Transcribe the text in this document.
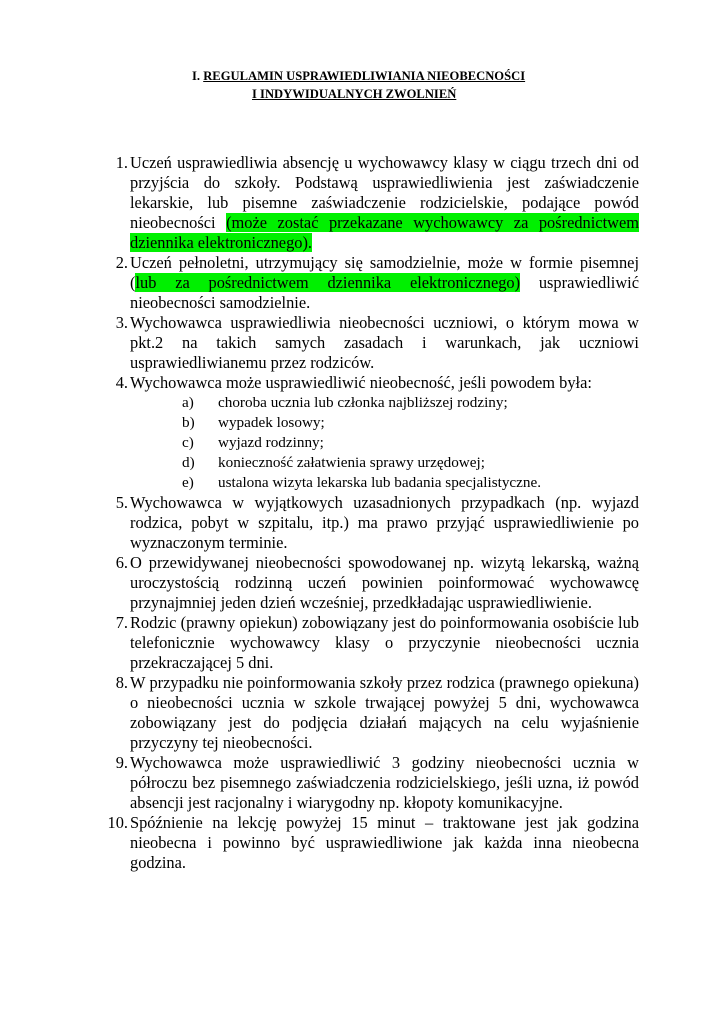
I. REGULAMIN USPRAWIEDLIWIANIA NIEOBECNOŚCI
I INDYWIDUALNYCH ZWOLNIEŃ
1. Uczeń usprawiedliwia absencję u wychowawcy klasy w ciągu trzech dni od przyjścia do szkoły. Podstawą usprawiedliwienia jest zaświadczenie lekarskie, lub pisemne zaświadczenie rodzicielskie, podające powód nieobecności (może zostać przekazane wychowawcy za pośrednictwem dziennika elektronicznego).
2. Uczeń pełnoletni, utrzymujący się samodzielnie, może w formie pisemnej (lub za pośrednictwem dziennika elektronicznego) usprawiedliwić nieobecności samodzielnie.
3. Wychowawca usprawiedliwia nieobecności uczniowi, o którym mowa w pkt.2 na takich samych zasadach i warunkach, jak uczniowi usprawiedliwianemu przez rodziców.
4. Wychowawca może usprawiedliwić nieobecność, jeśli powodem była:
a) choroba ucznia lub członka najbliższej rodziny;
b) wypadek losowy;
c) wyjazd rodzinny;
d) konieczność załatwienia sprawy urzędowej;
e) ustalona wizyta lekarska lub badania specjalistyczne.
5. Wychowawca w wyjątkowych uzasadnionych przypadkach (np. wyjazd rodzica, pobyt w szpitalu, itp.) ma prawo przyjąć usprawiedliwienie po wyznaczonym terminie.
6. O przewidywanej nieobecności spowodowanej np. wizytą lekarską, ważną uroczystością rodzinną uczeń powinien poinformować wychowawcę przynajmniej jeden dzień wcześniej, przedkładając usprawiedliwienie.
7. Rodzic (prawny opiekun) zobowiązany jest do poinformowania osobiście lub telefonicznie wychowawcy klasy o przyczynie nieobecności ucznia przekraczającej 5 dni.
8. W przypadku nie poinformowania szkoły przez rodzica (prawnego opiekuna) o nieobecności ucznia w szkole trwającej powyżej 5 dni, wychowawca zobowiązany jest do podjęcia działań mających na celu wyjaśnienie przyczyny tej nieobecności.
9. Wychowawca może usprawiedliwić 3 godziny nieobecności ucznia w półroczu bez pisemnego zaświadczenia rodzicielskiego, jeśli uzna, iż powód absencji jest racjonalny i wiarygodny np. kłopoty komunikacyjne.
10. Spóźnienie na lekcję powyżej 15 minut – traktowane jest jak godzina nieobecna i powinno być usprawiedliwione jak każda inna nieobecna godzina.
